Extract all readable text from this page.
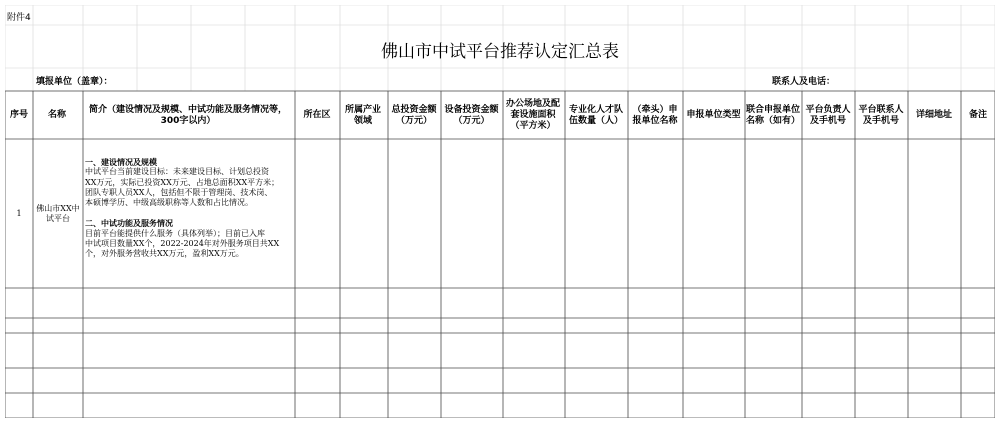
附件4
佛山市中试平台推荐认定汇总表
填报单位（盖章）：	联系人及电话：
序号 名称
简介（建设情况及规模、中试功能及服务情况等，300字以内）
所在区
所属产业领域
总投资金额（万元）
设备投资金额（万元）
办公场地及配套设施面积（平方米）
专业化人才队伍数量（人）
（牵头）申报单位名称
申报单位类型
联合申报单位名称（如有）
平台负责人及手机号
平台联系人及手机号
详细地址 备注
1
佛山市XX中试平台
一、建设情况及规模
中试平台当前建设目标：未来建设目标、计划总投资
XX万元，实际已投资XX万元、占地总面积XX平方米；
团队专职人员XX人，包括但不限于管理岗、技术岗、
本硕博学历、中级高级职称等人数和占比情况。
二、中试功能及服务情况
目前平台能提供什么服务（具体列举）；目前已入库
中试项目数量XX个，2022-2024年对外服务项目共XX
个，对外服务营收共XX万元，盈利XX万元。
